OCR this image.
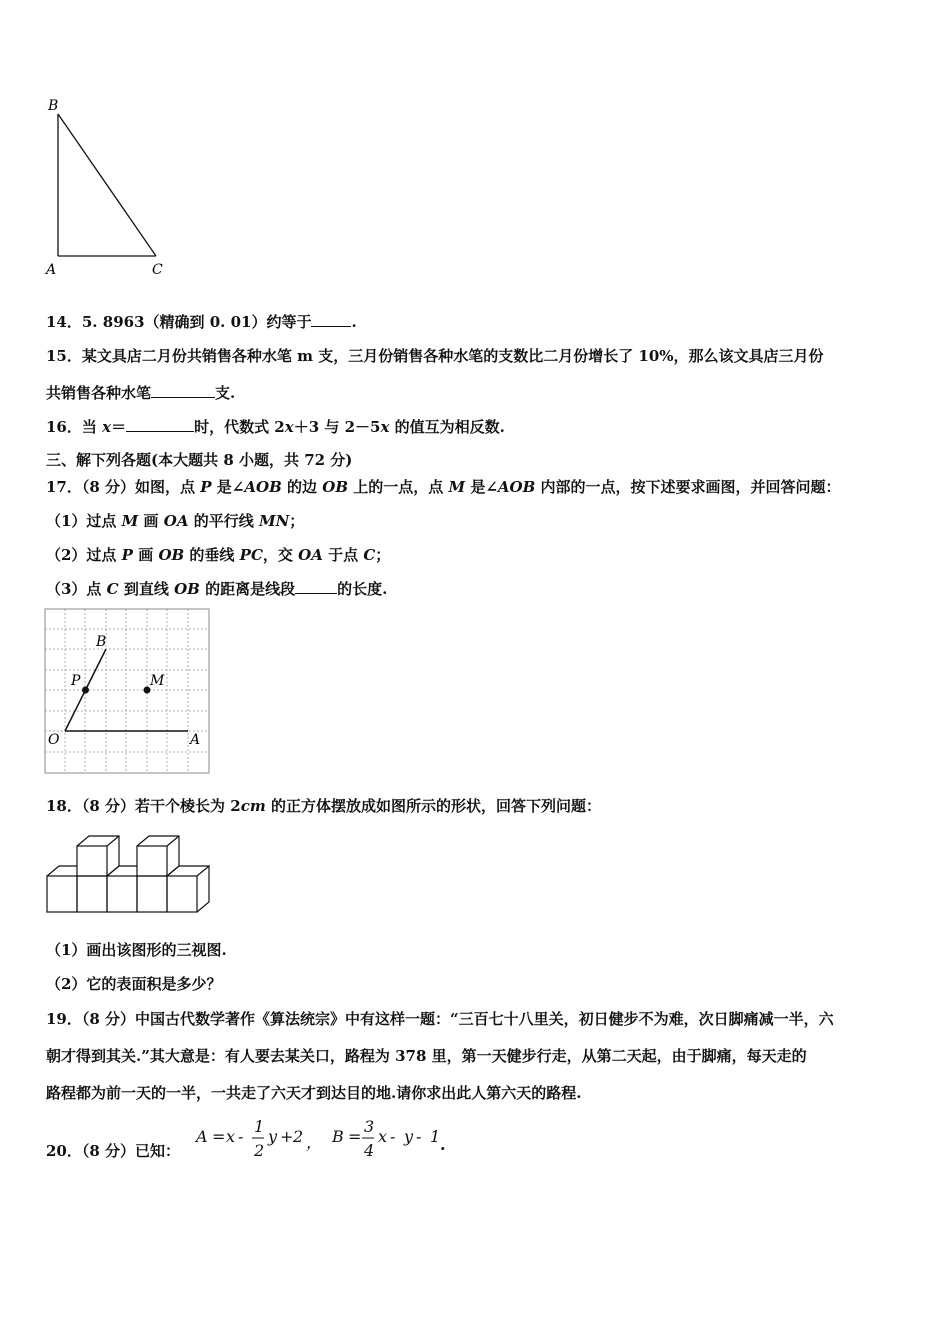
B
A	C
14．5. 8963（精确到 0. 01）约等于	.
15．某文具店二月份共销售各种水笔 m 支，三月份销售各种水笔的支数比二月份增长了 10%，那么该文具店三月份
共销售各种水笔	支.
16．当 x＝	时，代数式 2x＋3 与 2－5x 的值互为相反数.
三、解下列各题(本大题共 8 小题，共 72 分)
17．（8 分）如图，点 P 是∠AOB 的边 OB 上的一点，点 M 是∠AOB 内部的一点，按下述要求画图，并回答问题：
（1）过点 M 画 OA 的平行线 MN；
（2）过点 P 画 OB 的垂线 PC，交 OA 于点 C；
（3）点 C 到直线 OB 的距离是线段	的长度.
B
P	M
O	A
18．（8 分）若干个棱长为 2cm 的正方体摆放成如图所示的形状，回答下列问题：
（1）画出该图形的三视图.
（2）它的表面积是多少？
19．（8 分）中国古代数学著作《算法统宗》中有这样一题：“三百七十八里关，初日健步不为难，次日脚痛减一半，六
朝才得到其关.”其大意是：有人要去某关口，路程为 378 里，第一天健步行走，从第二天起，由于脚痛，每天走的
路程都为前一天的一半，一共走了六天才到达目的地.请你求出此人第六天的路程.
20．（8 分）已知：
A = x -
1
2
y + 2 ， B =
3
4
x - y - 1 .
